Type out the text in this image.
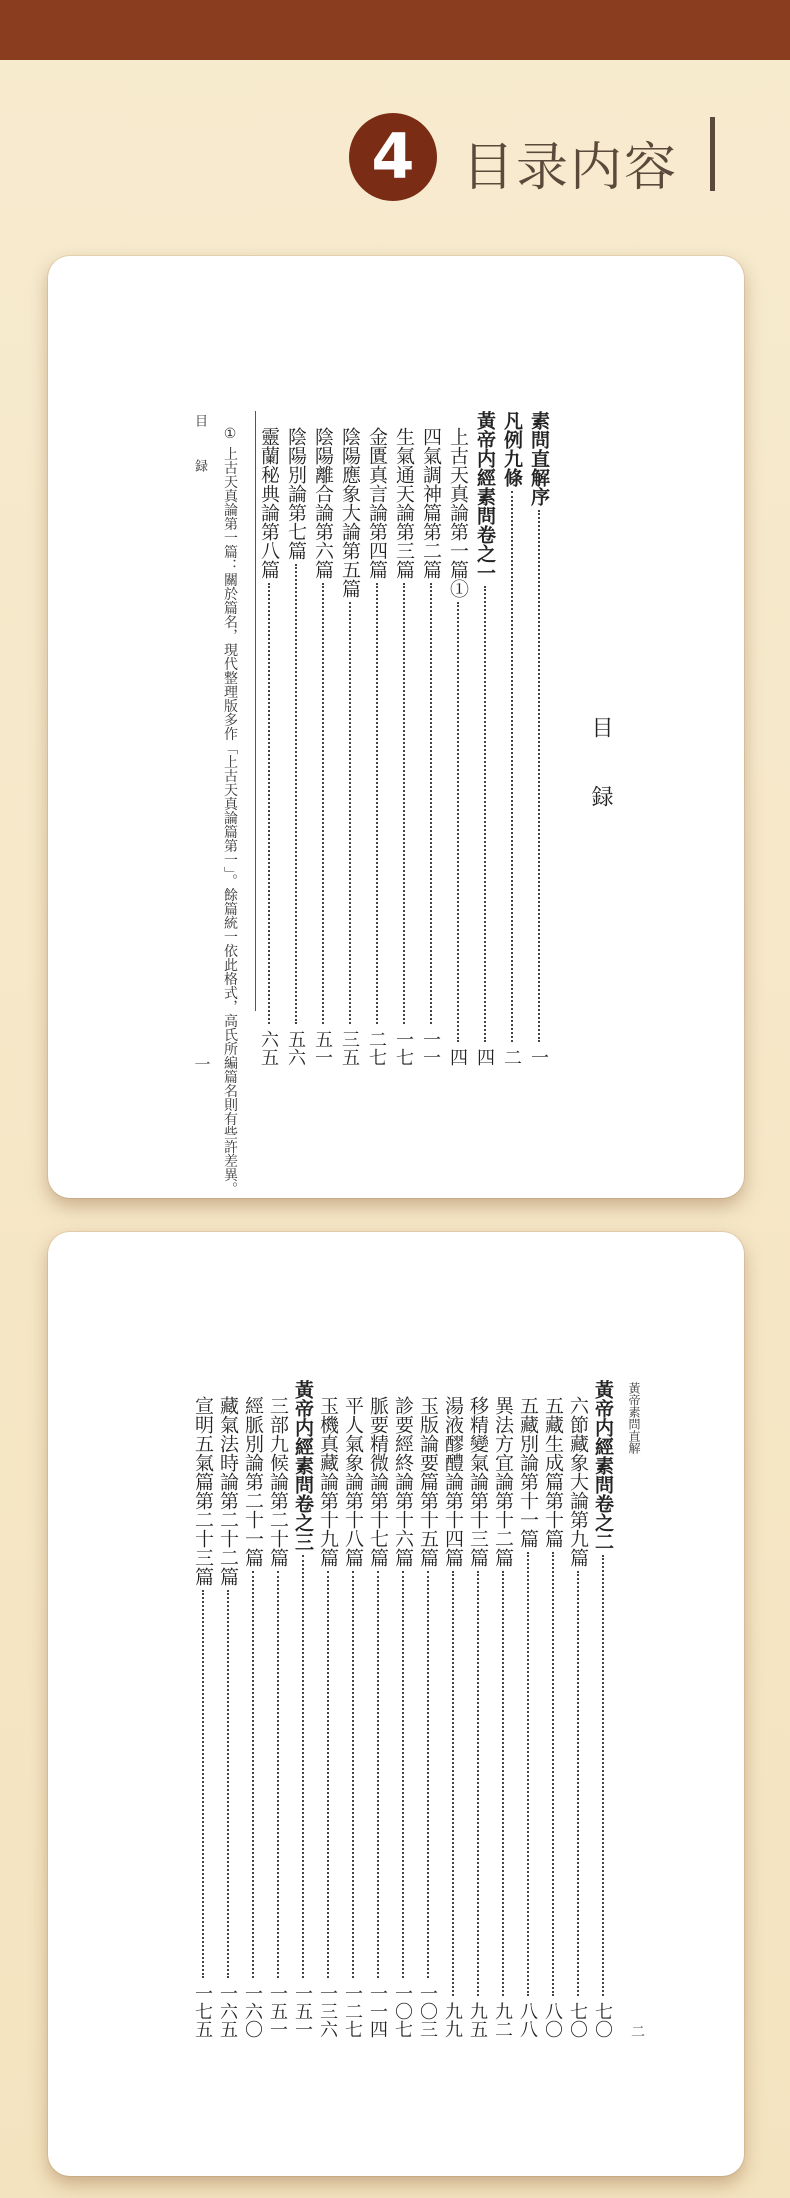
4 目录内容
目 録
素問直解序
一
凡例九條
二
黃帝内經素問卷之一
四
上古天真論第一篇①
四
四氣調神篇第二篇
一一
生氣通天論第三篇
一七
金匱真言論第四篇
二七
陰陽應象大論第五篇
三五
陰陽離合論第六篇
五一
陰陽別論第七篇
五六
靈蘭秘典論第八篇
六五
① 上古天真論第一篇：關於篇名，現代整理版多作「上古天真論篇第一」。餘篇統一依此格式，高氏所編篇名則有些許差異。
目 録
一
黃帝内經素問卷之二
七〇
六節藏象大論第九篇
七〇
五藏生成篇第十篇
八〇
五藏別論第十一篇
八八
異法方宜論第十二篇
九二
移精變氣論第十三篇
九五
湯液醪醴論第十四篇
九九
玉版論要篇第十五篇
一〇三
診要經終論第十六篇
一〇七
脈要精微論第十七篇
一一四
平人氣象論第十八篇
一二七
玉機真藏論第十九篇
一三六
黃帝内經素問卷之三
一五一
三部九候論第二十篇
一五一
經脈別論第二十一篇
一六〇
藏氣法時論第二十二篇
一六五
宣明五氣篇第二十三篇
一七五
黃帝素問直解
二
